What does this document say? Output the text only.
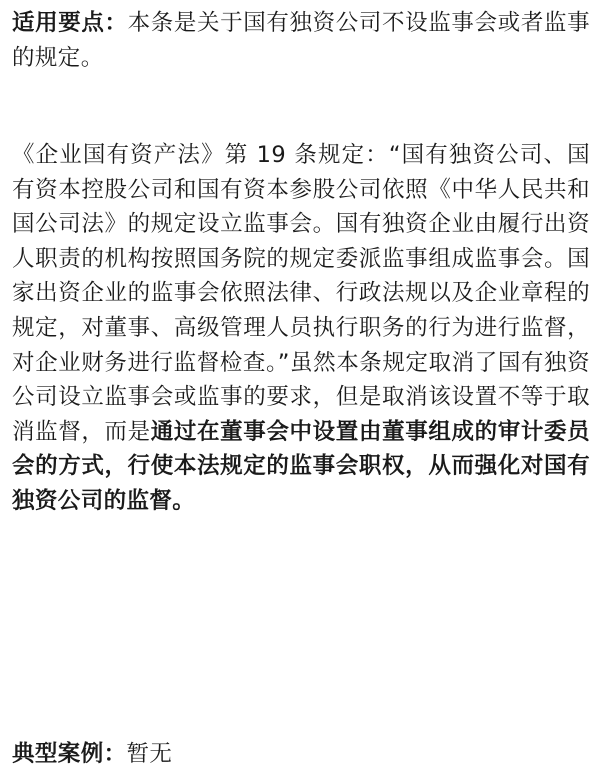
适用要点：本条是关于国有独资公司不设监事会或者监事的规定。

《企业国有资产法》第 19 条规定：“国有独资公司、国有资本控股公司和国有资本参股公司依照《中华人民共和国公司法》的规定设立监事会。国有独资企业由履行出资人职责的机构按照国务院的规定委派监事组成监事会。国家出资企业的监事会依照法律、行政法规以及企业章程的规定，对董事、高级管理人员执行职务的行为进行监督，对企业财务进行监督检查。”虽然本条规定取消了国有独资公司设立监事会或监事的要求，但是取消该设置不等于取消监督，而是通过在董事会中设置由董事组成的审计委员会的方式，行使本法规定的监事会职权，从而强化对国有独资公司的监督。

典型案例：暂无
